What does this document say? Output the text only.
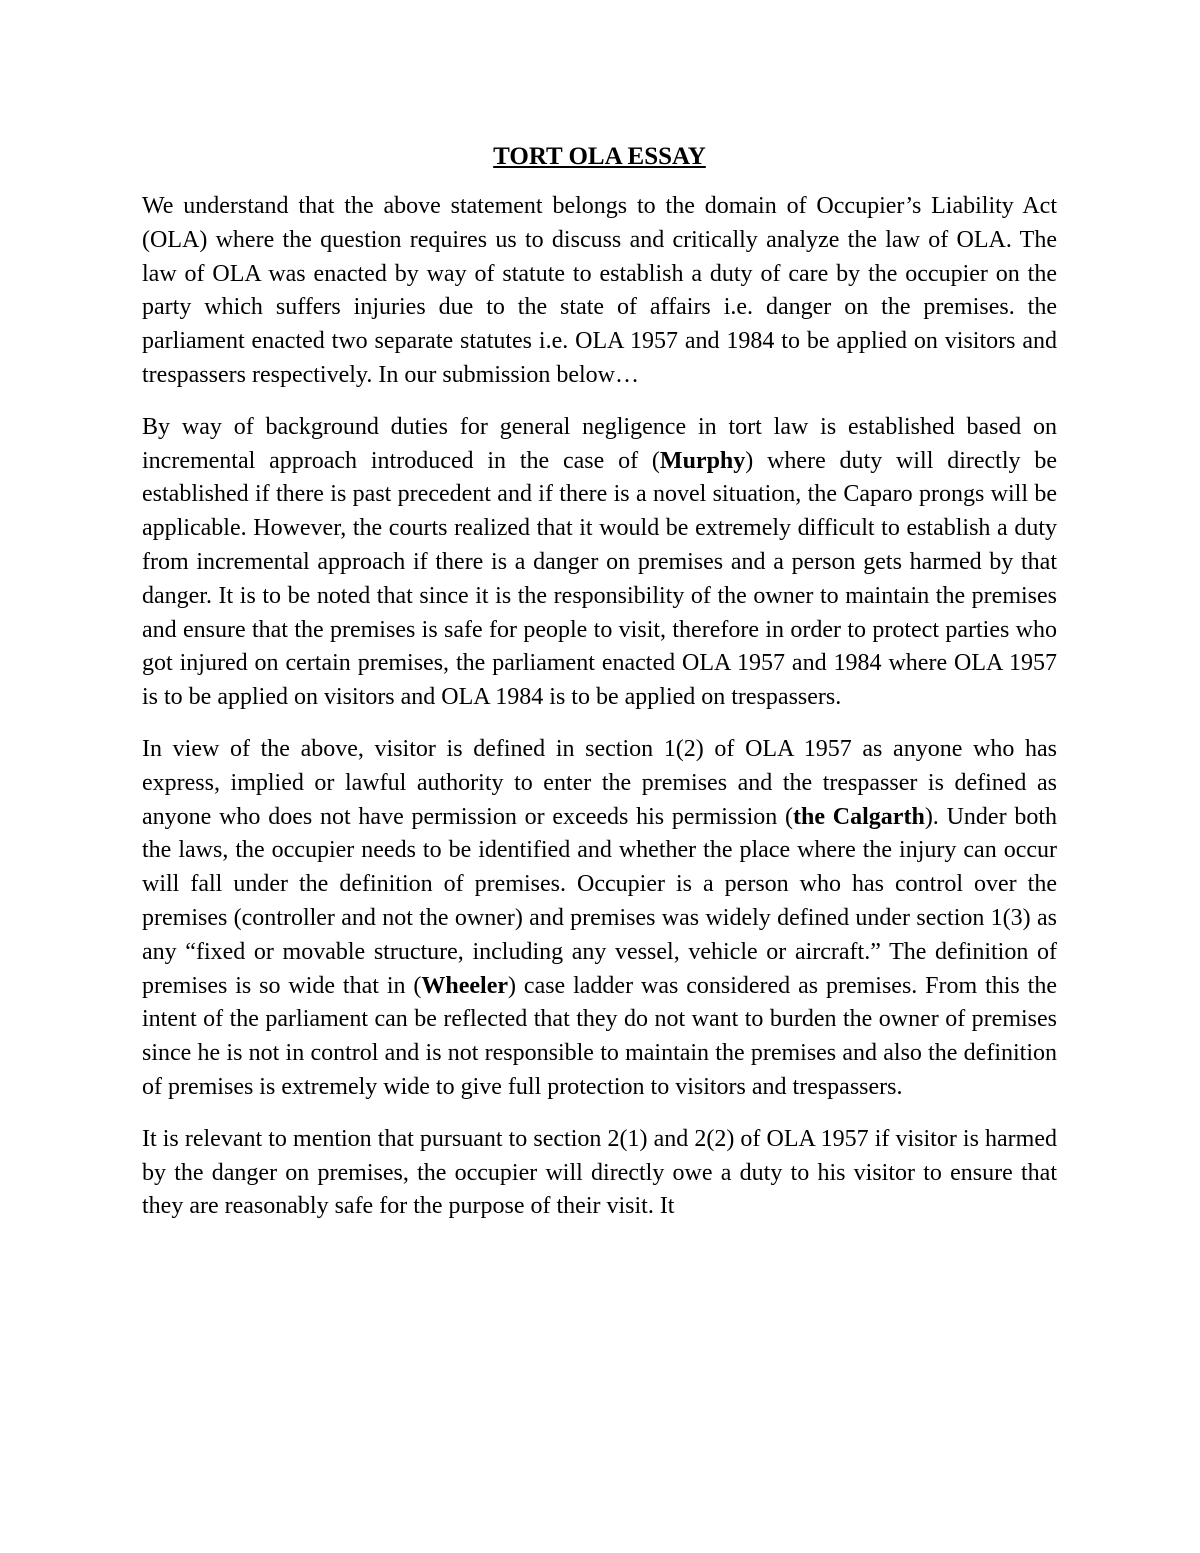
TORT OLA ESSAY

We understand that the above statement belongs to the domain of Occupier’s Liability Act (OLA) where the question requires us to discuss and critically analyze the law of OLA. The law of OLA was enacted by way of statute to establish a duty of care by the occupier on the party which suffers injuries due to the state of affairs i.e. danger on the premises. the parliament enacted two separate statutes i.e. OLA 1957 and 1984 to be applied on visitors and trespassers respectively. In our submission below…

By way of background duties for general negligence in tort law is established based on incremental approach introduced in the case of (Murphy) where duty will directly be established if there is past precedent and if there is a novel situation, the Caparo prongs will be applicable. However, the courts realized that it would be extremely difficult to establish a duty from incremental approach if there is a danger on premises and a person gets harmed by that danger. It is to be noted that since it is the responsibility of the owner to maintain the premises and ensure that the premises is safe for people to visit, therefore in order to protect parties who got injured on certain premises, the parliament enacted OLA 1957 and 1984 where OLA 1957 is to be applied on visitors and OLA 1984 is to be applied on trespassers.

In view of the above, visitor is defined in section 1(2) of OLA 1957 as anyone who has express, implied or lawful authority to enter the premises and the trespasser is defined as anyone who does not have permission or exceeds his permission (the Calgarth). Under both the laws, the occupier needs to be identified and whether the place where the injury can occur will fall under the definition of premises. Occupier is a person who has control over the premises (controller and not the owner) and premises was widely defined under section 1(3) as any “fixed or movable structure, including any vessel, vehicle or aircraft.” The definition of premises is so wide that in (Wheeler) case ladder was considered as premises. From this the intent of the parliament can be reflected that they do not want to burden the owner of premises since he is not in control and is not responsible to maintain the premises and also the definition of premises is extremely wide to give full protection to visitors and trespassers.

It is relevant to mention that pursuant to section 2(1) and 2(2) of OLA 1957 if visitor is harmed by the danger on premises, the occupier will directly owe a duty to his visitor to ensure that they are reasonably safe for the purpose of their visit. It
